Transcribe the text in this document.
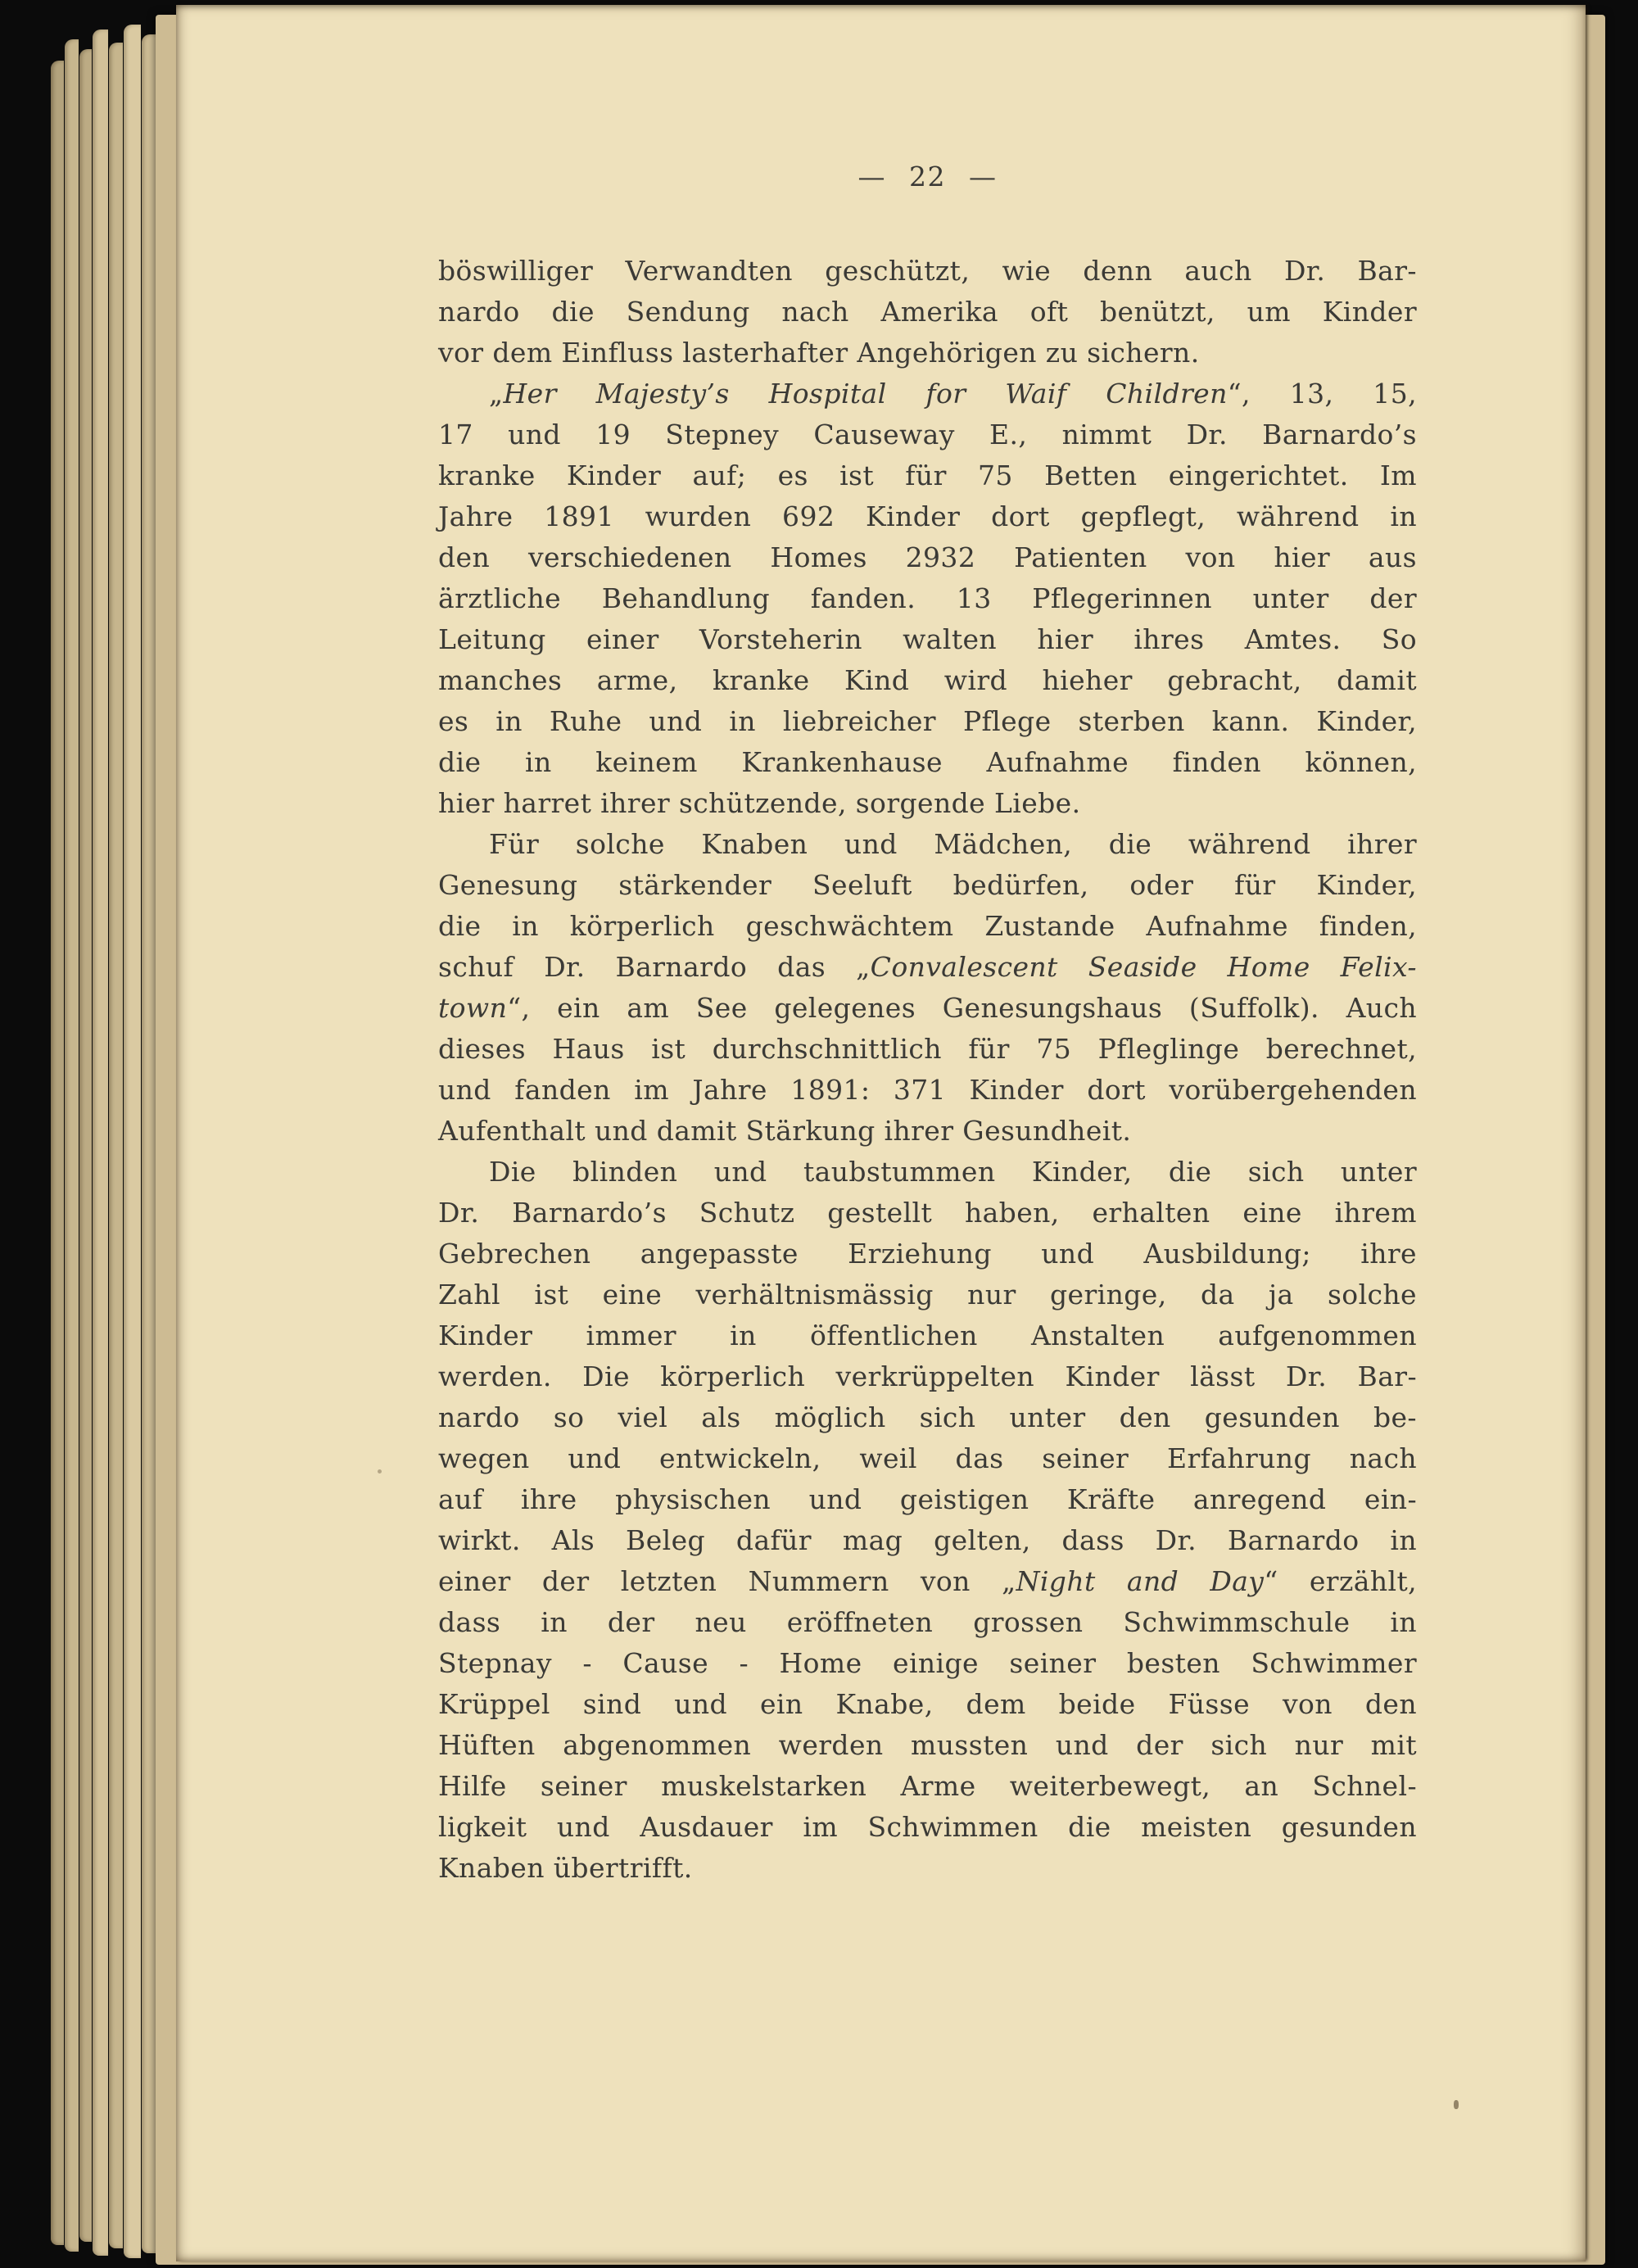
— 22 —
böswilliger Verwandten geschützt, wie denn auch Dr. Bar-
nardo die Sendung nach Amerika oft benützt, um Kinder
vor dem Einfluss lasterhafter Angehörigen zu sichern.
„Her Majesty’s Hospital for Waif Children“, 13, 15,
17 und 19 Stepney Causeway E., nimmt Dr. Barnardo’s
kranke Kinder auf; es ist für 75 Betten eingerichtet. Im
Jahre 1891 wurden 692 Kinder dort gepflegt, während in
den verschiedenen Homes 2932 Patienten von hier aus
ärztliche Behandlung fanden. 13 Pflegerinnen unter der
Leitung einer Vorsteherin walten hier ihres Amtes. So
manches arme, kranke Kind wird hieher gebracht, damit
es in Ruhe und in liebreicher Pflege sterben kann. Kinder,
die in keinem Krankenhause Aufnahme finden können,
hier harret ihrer schützende, sorgende Liebe.
Für solche Knaben und Mädchen, die während ihrer
Genesung stärkender Seeluft bedürfen, oder für Kinder,
die in körperlich geschwächtem Zustande Aufnahme finden,
schuf Dr. Barnardo das „Convalescent Seaside Home Felix-
town“, ein am See gelegenes Genesungshaus (Suffolk). Auch
dieses Haus ist durchschnittlich für 75 Pfleglinge berechnet,
und fanden im Jahre 1891: 371 Kinder dort vorübergehenden
Aufenthalt und damit Stärkung ihrer Gesundheit.
Die blinden und taubstummen Kinder, die sich unter
Dr. Barnardo’s Schutz gestellt haben, erhalten eine ihrem
Gebrechen angepasste Erziehung und Ausbildung; ihre
Zahl ist eine verhältnismässig nur geringe, da ja solche
Kinder immer in öffentlichen Anstalten aufgenommen
werden. Die körperlich verkrüppelten Kinder lässt Dr. Bar-
nardo so viel als möglich sich unter den gesunden be-
wegen und entwickeln, weil das seiner Erfahrung nach
auf ihre physischen und geistigen Kräfte anregend ein-
wirkt. Als Beleg dafür mag gelten, dass Dr. Barnardo in
einer der letzten Nummern von „Night and Day“ erzählt,
dass in der neu eröffneten grossen Schwimmschule in
Stepnay - Cause - Home einige seiner besten Schwimmer
Krüppel sind und ein Knabe, dem beide Füsse von den
Hüften abgenommen werden mussten und der sich nur mit
Hilfe seiner muskelstarken Arme weiterbewegt, an Schnel-
ligkeit und Ausdauer im Schwimmen die meisten gesunden
Knaben übertrifft.
